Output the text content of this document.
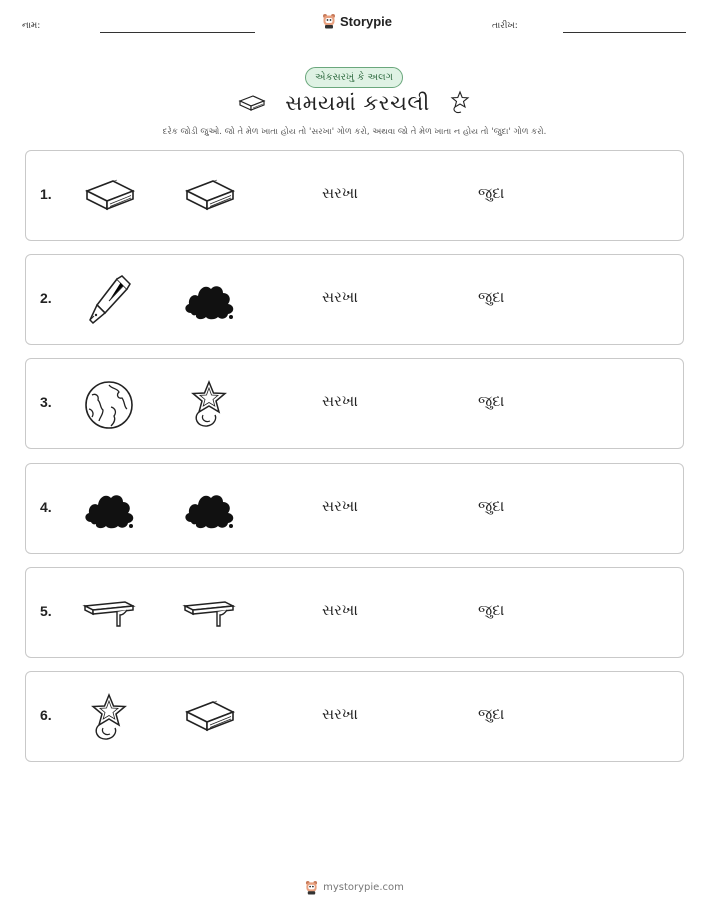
નામ:	Storypie	તારીખ:
એકસરખું કે અલગ
સમયમાં કરચલી
દરેક જોડી જુઓ. જો તે મેળ ખાતા હોય તો 'સરખા' ગોળ કરો, અથવા જો તે મેળ ખાતા ન હોય તો 'જુદા' ગોળ કરો.
1.	સરખા	જુદા
2.	સરખા	જુદા
3.	સરખા	જુદા
4.	સરખા	જુદા
5.	સરખા	જુદા
6.	સરખા	જુદા
mystorypie.com
